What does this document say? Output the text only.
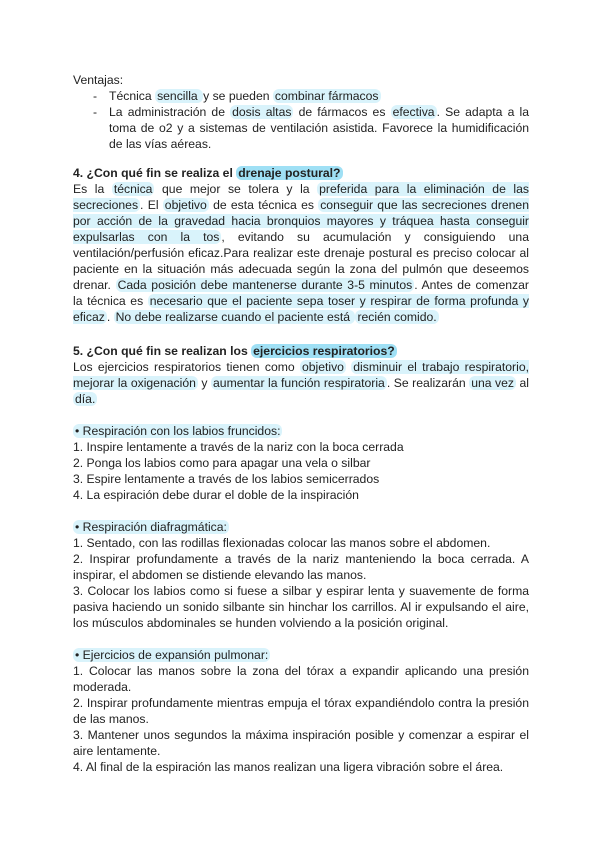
Ventajas:

- Técnica sencilla y se pueden combinar fármacos
- La administración de dosis altas de fármacos es efectiva . Se adapta a la toma de o2 y a sistemas de ventilación asistida. Favorece la humidificación de las vías aéreas.

4. ¿Con qué fin se realiza el drenaje postural?

Es la técnica que mejor se tolera y la preferida para la eliminación de las secreciones . El objetivo de esta técnica es conseguir que las secreciones drenen por acción de la gravedad hacia bronquios mayores y tráquea hasta conseguir expulsarlas con la tos , evitando su acumulación y consiguiendo una ventilación/perfusión eficaz.Para realizar este drenaje postural es preciso colocar al paciente en la situación más adecuada según la zona del pulmón que deseemos drenar. Cada posición debe mantenerse durante 3-5 minutos . Antes de comenzar la técnica es necesario que el paciente sepa toser y respirar de forma profunda y eficaz . No debe realizarse cuando el paciente está recién comido.

5. ¿Con qué fin se realizan los ejercicios respiratorios?

Los ejercicios respiratorios tienen como objetivo disminuir el trabajo respiratorio, mejorar la oxigenación y aumentar la función respiratoria . Se realizarán una vez al día.

• Respiración con los labios fruncidos:

1. Inspire lentamente a través de la nariz con la boca cerrada

2. Ponga los labios como para apagar una vela o silbar

3. Espire lentamente a través de los labios semicerrados

4. La espiración debe durar el doble de la inspiración

• Respiración diafragmática:

1. Sentado, con las rodillas flexionadas colocar las manos sobre el abdomen.

2. Inspirar profundamente a través de la nariz manteniendo la boca cerrada. A inspirar, el abdomen se distiende elevando las manos.

3. Colocar los labios como si fuese a silbar y espirar lenta y suavemente de forma pasiva haciendo un sonido silbante sin hinchar los carrillos. Al ir expulsando el aire, los músculos abdominales se hunden volviendo a la posición original.

• Ejercicios de expansión pulmonar:

1. Colocar las manos sobre la zona del tórax a expandir aplicando una presión moderada.

2. Inspirar profundamente mientras empuja el tórax expandiéndolo contra la presión de las manos.

3. Mantener unos segundos la máxima inspiración posible y comenzar a espirar el aire lentamente.

4. Al final de la espiración las manos realizan una ligera vibración sobre el área.
